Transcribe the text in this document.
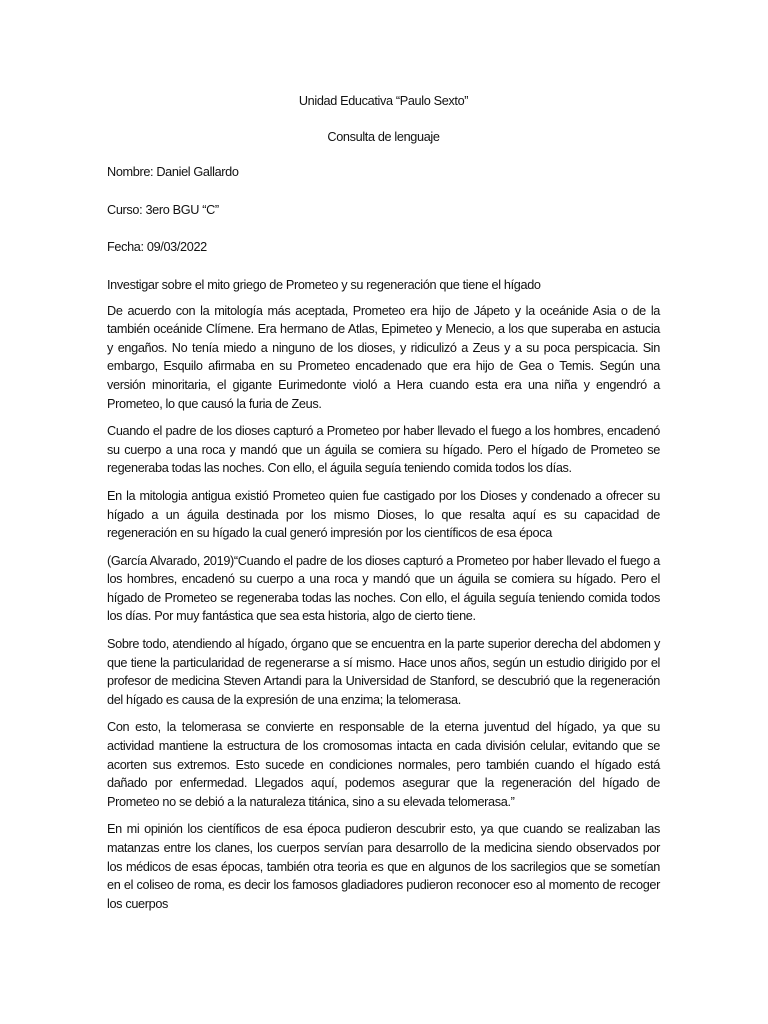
Unidad Educativa “Paulo Sexto”

Consulta de lenguaje

Nombre: Daniel Gallardo

Curso: 3ero BGU “C”

Fecha: 09/03/2022

Investigar sobre el mito griego de Prometeo y su regeneración que tiene el hígado

De acuerdo con la mitología más aceptada, Prometeo era hijo de Jápeto y la oceánide Asia o de la también oceánide Clímene. Era hermano de Atlas, Epimeteo y Menecio, a los que superaba en astucia y engaños. No tenía miedo a ninguno de los dioses, y ridiculizó a Zeus y a su poca perspicacia. Sin embargo, Esquilo afirmaba en su Prometeo encadenado que era hijo de Gea o Temis. Según una versión minoritaria, el gigante Eurimedonte violó a Hera cuando esta era una niña y engendró a Prometeo, lo que causó la furia de Zeus.

Cuando el padre de los dioses capturó a Prometeo por haber llevado el fuego a los hombres, encadenó su cuerpo a una roca y mandó que un águila se comiera su hígado. Pero el hígado de Prometeo se regeneraba todas las noches. Con ello, el águila seguía teniendo comida todos los días.

En la mitologia antigua existió Prometeo quien fue castigado por los Dioses y condenado a ofrecer su hígado a un águila destinada por los mismo Dioses, lo que resalta aquí es su capacidad de regeneración en su hígado la cual generó impresión por los científicos de esa época

(García Alvarado, 2019)“Cuando el padre de los dioses capturó a Prometeo por haber llevado el fuego a los hombres, encadenó su cuerpo a una roca y mandó que un águila se comiera su hígado. Pero el hígado de Prometeo se regeneraba todas las noches. Con ello, el águila seguía teniendo comida todos los días. Por muy fantástica que sea esta historia, algo de cierto tiene.

Sobre todo, atendiendo al hígado, órgano que se encuentra en la parte superior derecha del abdomen y que tiene la particularidad de regenerarse a sí mismo. Hace unos años, según un estudio dirigido por el profesor de medicina Steven Artandi para la Universidad de Stanford, se descubrió que la regeneración del hígado es causa de la expresión de una enzima; la telomerasa.

Con esto, la telomerasa se convierte en responsable de la eterna juventud del hígado, ya que su actividad mantiene la estructura de los cromosomas intacta en cada división celular, evitando que se acorten sus extremos. Esto sucede en condiciones normales, pero también cuando el hígado está dañado por enfermedad. Llegados aquí, podemos asegurar que la regeneración del hígado de Prometeo no se debió a la naturaleza titánica, sino a su elevada telomerasa.”

En mi opinión los científicos de esa época pudieron descubrir esto, ya que cuando se realizaban las matanzas entre los clanes, los cuerpos servían para desarrollo de la medicina siendo observados por los médicos de esas épocas, también otra teoria es que en algunos de los sacrilegios que se sometían en el coliseo de roma, es decir los famosos gladiadores pudieron reconocer eso al momento de recoger los cuerpos
